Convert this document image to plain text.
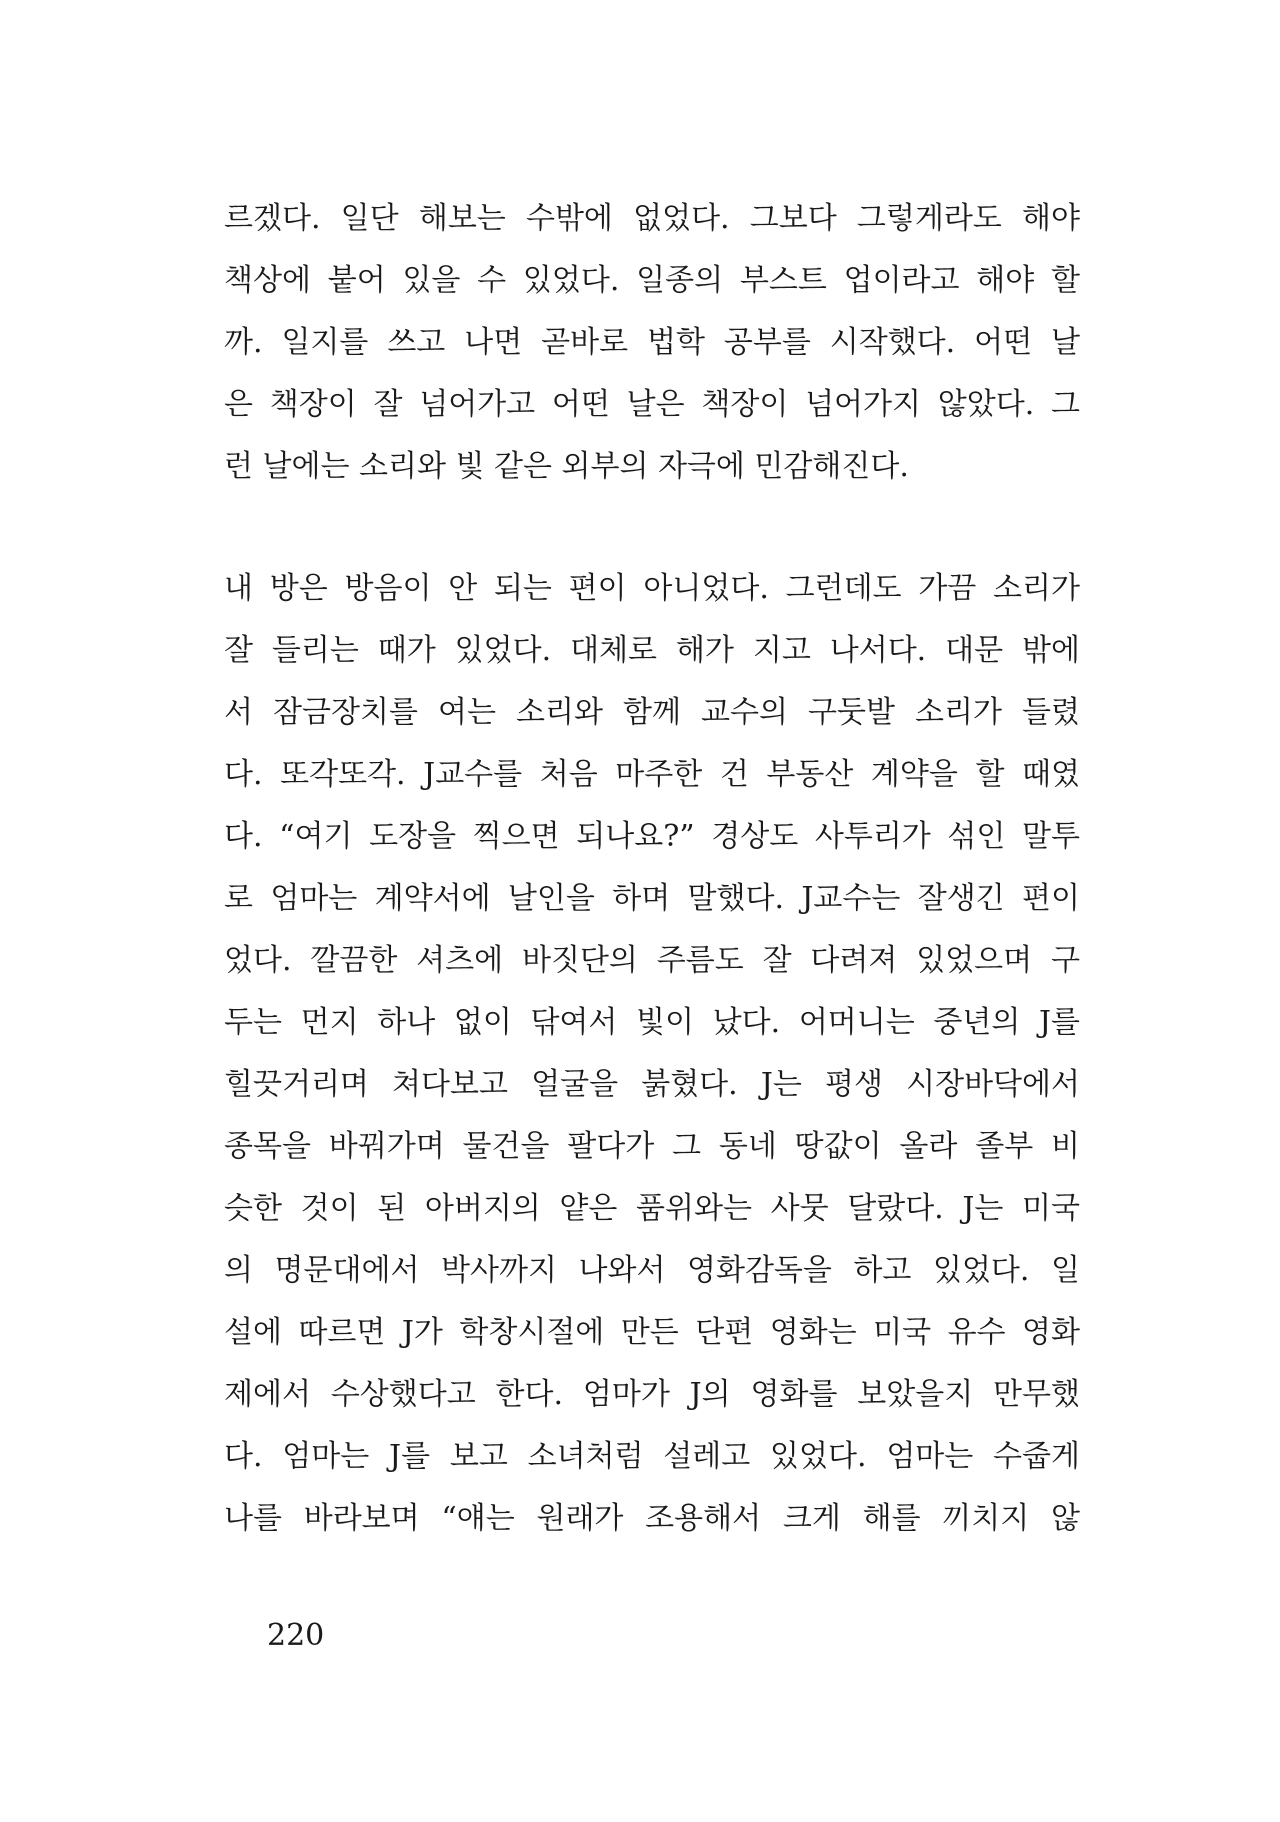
르겠다. 일단 해보는 수밖에 없었다. 그보다 그렇게라도 해야
책상에 붙어 있을 수 있었다. 일종의 부스트 업이라고 해야 할
까. 일지를 쓰고 나면 곧바로 법학 공부를 시작했다. 어떤 날
은 책장이 잘 넘어가고 어떤 날은 책장이 넘어가지 않았다. 그
런 날에는 소리와 빛 같은 외부의 자극에 민감해진다.
내 방은 방음이 안 되는 편이 아니었다. 그런데도 가끔 소리가
잘 들리는 때가 있었다. 대체로 해가 지고 나서다. 대문 밖에
서 잠금장치를 여는 소리와 함께 교수의 구둣발 소리가 들렸
다. 또각또각. J교수를 처음 마주한 건 부동산 계약을 할 때였
다. “여기 도장을 찍으면 되나요?” 경상도 사투리가 섞인 말투
로 엄마는 계약서에 날인을 하며 말했다. J교수는 잘생긴 편이
었다. 깔끔한 셔츠에 바짓단의 주름도 잘 다려져 있었으며 구
두는 먼지 하나 없이 닦여서 빛이 났다. 어머니는 중년의 J를
힐끗거리며 쳐다보고 얼굴을 붉혔다. J는 평생 시장바닥에서
종목을 바꿔가며 물건을 팔다가 그 동네 땅값이 올라 졸부 비
슷한 것이 된 아버지의 얕은 품위와는 사뭇 달랐다. J는 미국
의 명문대에서 박사까지 나와서 영화감독을 하고 있었다. 일
설에 따르면 J가 학창시절에 만든 단편 영화는 미국 유수 영화
제에서 수상했다고 한다. 엄마가 J의 영화를 보았을지 만무했
다. 엄마는 J를 보고 소녀처럼 설레고 있었다. 엄마는 수줍게
나를 바라보며 “얘는 원래가 조용해서 크게 해를 끼치지 않
220
